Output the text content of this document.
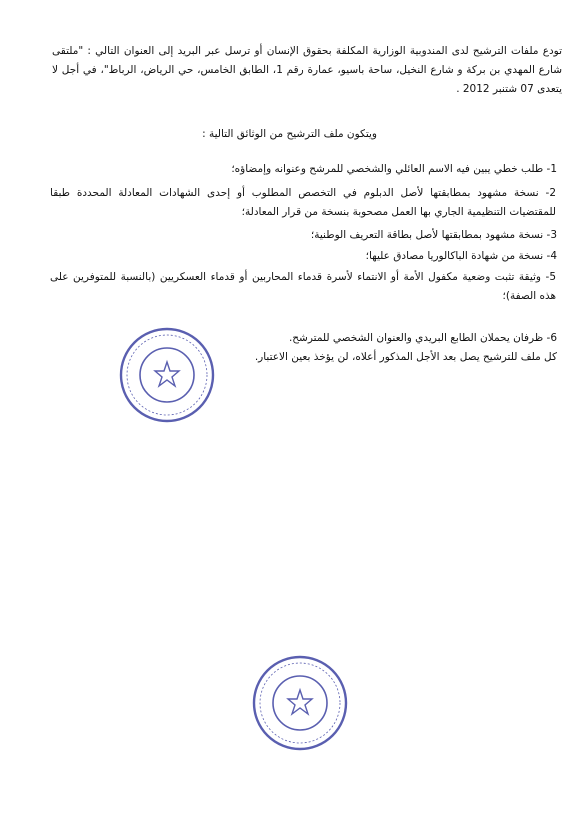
تودع ملفات الترشيح لدى المندوبية الوزارية المكلفة بحقوق الإنسان أو ترسل عبر البريد إلى العنوان التالي : "ملتقى شارع المهدي بن بركة و شارع النخيل، ساحة باسيو، عمارة رقم 1، الطابق الخامس، حي الرياض، الرباط"، في أجل لا يتعدى 07 شتنبر 2012 .
ويتكون ملف الترشيح من الوثائق التالية :
1- طلب خطي يبين فيه الاسم العائلي والشخصي للمرشح وعنوانه وإمضاؤه؛
2- نسخة مشهود بمطابقتها لأصل الدبلوم في التخصص المطلوب أو إحدى الشهادات المعادلة المحددة طبقا للمقتضيات التنظيمية الجاري بها العمل مصحوبة بنسخة من قرار المعادلة؛
3- نسخة مشهود بمطابقتها لأصل بطاقة التعريف الوطنية؛
4- نسخة من شهادة الباكالوريا مصادق عليها؛
5- وثيقة تثبت وضعية مكفول الأمة أو الانتماء لأسرة قدماء المحاربين أو قدماء العسكريين (بالنسبة للمتوفرين على هذه الصفة)؛
6- ظرفان يحملان الطابع البريدي والعنوان الشخصي للمترشح.
كل ملف للترشيح يصل بعد الأجل المذكور أعلاه، لن يؤخذ بعين الاعتبار.
